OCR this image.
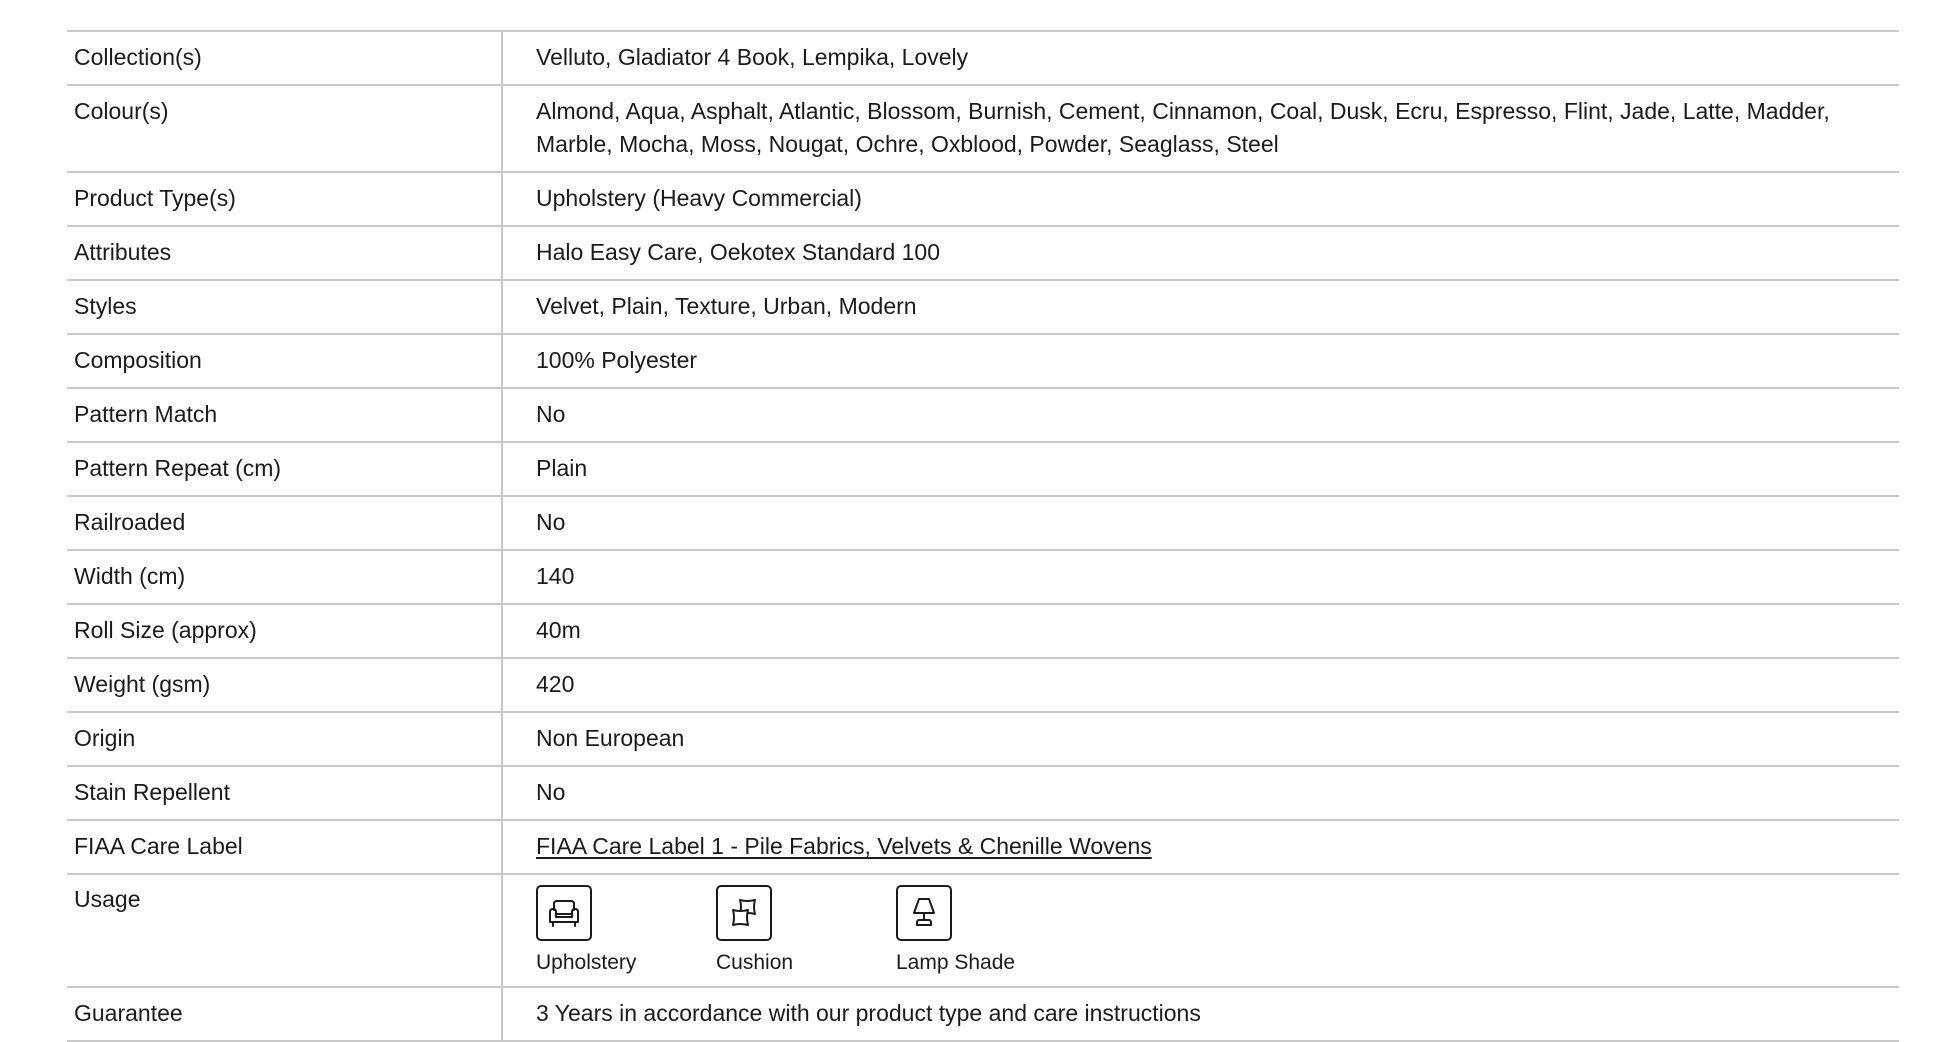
Collection(s)	Velluto, Gladiator 4 Book, Lempika, Lovely
Colour(s)	Almond, Aqua, Asphalt, Atlantic, Blossom, Burnish, Cement, Cinnamon, Coal, Dusk, Ecru, Espresso, Flint, Jade, Latte, Madder, Marble, Mocha, Moss, Nougat, Ochre, Oxblood, Powder, Seaglass, Steel
Product Type(s)	Upholstery (Heavy Commercial)
Attributes	Halo Easy Care, Oekotex Standard 100
Styles	Velvet, Plain, Texture, Urban, Modern
Composition	100% Polyester
Pattern Match	No
Pattern Repeat (cm)	Plain
Railroaded	No
Width (cm)	140
Roll Size (approx)	40m
Weight (gsm)	420
Origin	Non European
Stain Repellent	No
FIAA Care Label	FIAA Care Label 1 - Pile Fabrics, Velvets & Chenille Wovens
Usage	Upholstery Cushion Lamp Shade

Guarantee	3 Years in accordance with our product type and care instructions
